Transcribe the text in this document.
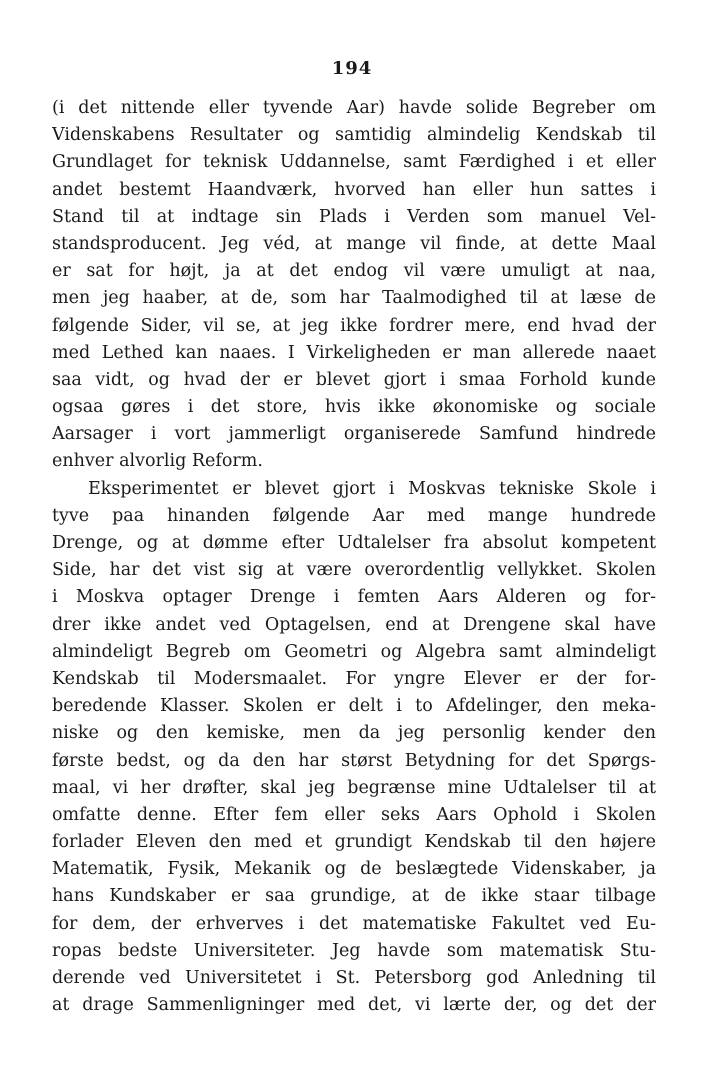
194
(i det nittende eller tyvende Aar) havde solide Begreber om
Videnskabens Resultater og samtidig almindelig Kendskab til
Grundlaget for teknisk Uddannelse, samt Færdighed i et eller
andet bestemt Haandværk, hvorved han eller hun sattes i
Stand til at indtage sin Plads i Verden som manuel Vel-
standsproducent. Jeg véd, at mange vil finde, at dette Maal
er sat for højt, ja at det endog vil være umuligt at naa,
men jeg haaber, at de, som har Taalmodighed til at læse de
følgende Sider, vil se, at jeg ikke fordrer mere, end hvad der
med Lethed kan naaes. I Virkeligheden er man allerede naaet
saa vidt, og hvad der er blevet gjort i smaa Forhold kunde
ogsaa gøres i det store, hvis ikke økonomiske og sociale
Aarsager i vort jammerligt organiserede Samfund hindrede
enhver alvorlig Reform.
Eksperimentet er blevet gjort i Moskvas tekniske Skole i
tyve paa hinanden følgende Aar med mange hundrede
Drenge, og at dømme efter Udtalelser fra absolut kompetent
Side, har det vist sig at være overordentlig vellykket. Skolen
i Moskva optager Drenge i femten Aars Alderen og for-
drer ikke andet ved Optagelsen, end at Drengene skal have
almindeligt Begreb om Geometri og Algebra samt almindeligt
Kendskab til Modersmaalet. For yngre Elever er der for-
beredende Klasser. Skolen er delt i to Afdelinger, den meka-
niske og den kemiske, men da jeg personlig kender den
første bedst, og da den har størst Betydning for det Spørgs-
maal, vi her drøfter, skal jeg begrænse mine Udtalelser til at
omfatte denne. Efter fem eller seks Aars Ophold i Skolen
forlader Eleven den med et grundigt Kendskab til den højere
Matematik, Fysik, Mekanik og de beslægtede Videnskaber, ja
hans Kundskaber er saa grundige, at de ikke staar tilbage
for dem, der erhverves i det matematiske Fakultet ved Eu-
ropas bedste Universiteter. Jeg havde som matematisk Stu-
derende ved Universitetet i St. Petersborg god Anledning til
at drage Sammenligninger med det, vi lærte der, og det der
